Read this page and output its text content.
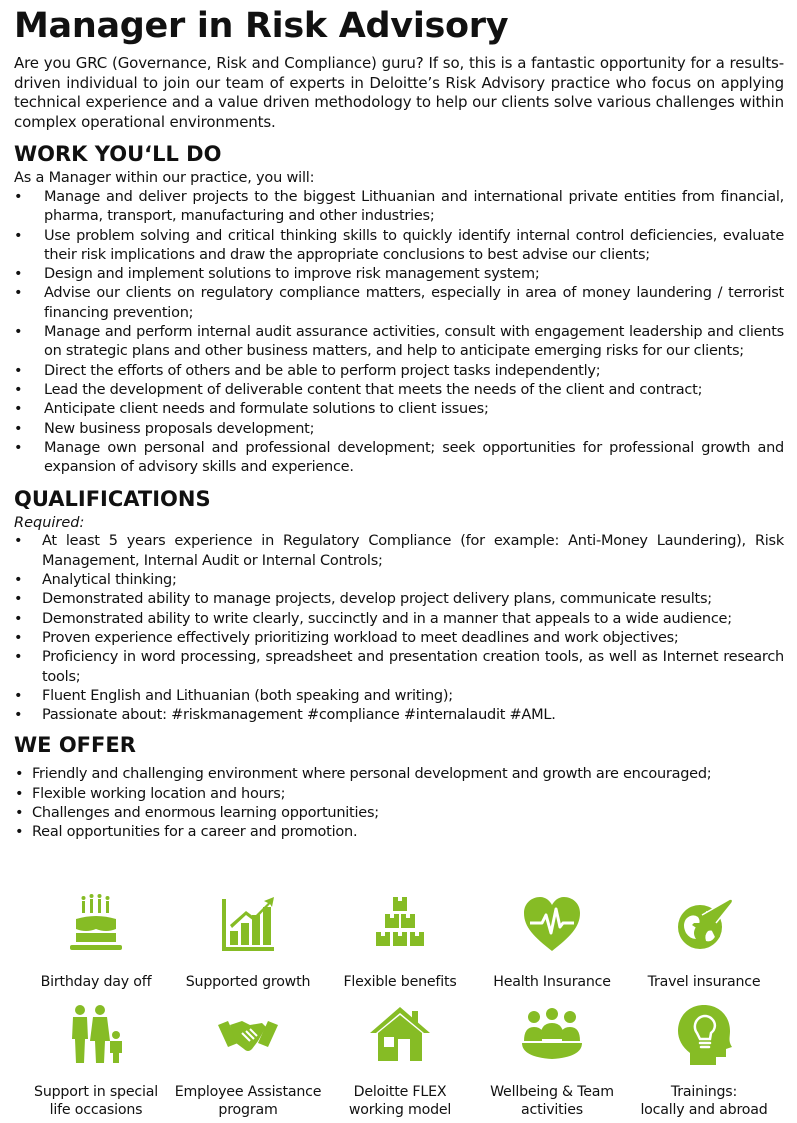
Manager in Risk Advisory

Are you GRC (Governance, Risk and Compliance) guru? If so, this is a fantastic opportunity for a results-driven individual to join our team of experts in Deloitte’s Risk Advisory practice who focus on applying technical experience and a value driven methodology to help our clients solve various challenges within complex operational environments.

WORK YOU‘LL DO

As a Manager within our practice, you will:

• Manage and deliver projects to the biggest Lithuanian and international private entities from financial, pharma, transport, manufacturing and other industries;
• Use problem solving and critical thinking skills to quickly identify internal control deficiencies, evaluate their risk implications and draw the appropriate conclusions to best advise our clients;
• Design and implement solutions to improve risk management system;
• Advise our clients on regulatory compliance matters, especially in area of money laundering / terrorist financing prevention;
• Manage and perform internal audit assurance activities, consult with engagement leadership and clients on strategic plans and other business matters, and help to anticipate emerging risks for our clients;
• Direct the efforts of others and be able to perform project tasks independently;
• Lead the development of deliverable content that meets the needs of the client and contract;
• Anticipate client needs and formulate solutions to client issues;
• New business proposals development;
• Manage own personal and professional development; seek opportunities for professional growth and expansion of advisory skills and experience.
QUALIFICATIONS

Required:

• At least 5 years experience in Regulatory Compliance (for example: Anti-Money Laundering), Risk Management, Internal Audit or Internal Controls;
• Analytical thinking;
• Demonstrated ability to manage projects, develop project delivery plans, communicate results;
• Demonstrated ability to write clearly, succinctly and in a manner that appeals to a wide audience;
• Proven experience effectively prioritizing workload to meet deadlines and work objectives;
• Proficiency in word processing, spreadsheet and presentation creation tools, as well as Internet research tools;
• Fluent English and Lithuanian (both speaking and writing);
• Passionate about: #riskmanagement #compliance #internalaudit #AML.
WE OFFER
• Friendly and challenging environment where personal development and growth are encouraged;
• Flexible working location and hours;
• Challenges and enormous learning opportunities;
• Real opportunities for a career and promotion.
Birthday day off Supported growth Flexible benefits	Health Insurance	Travel insurance
Support in special
life occasions
Employee Assistance
program
Deloitte FLEX
working model
Wellbeing & Team
activities
Trainings:
locally and abroad
